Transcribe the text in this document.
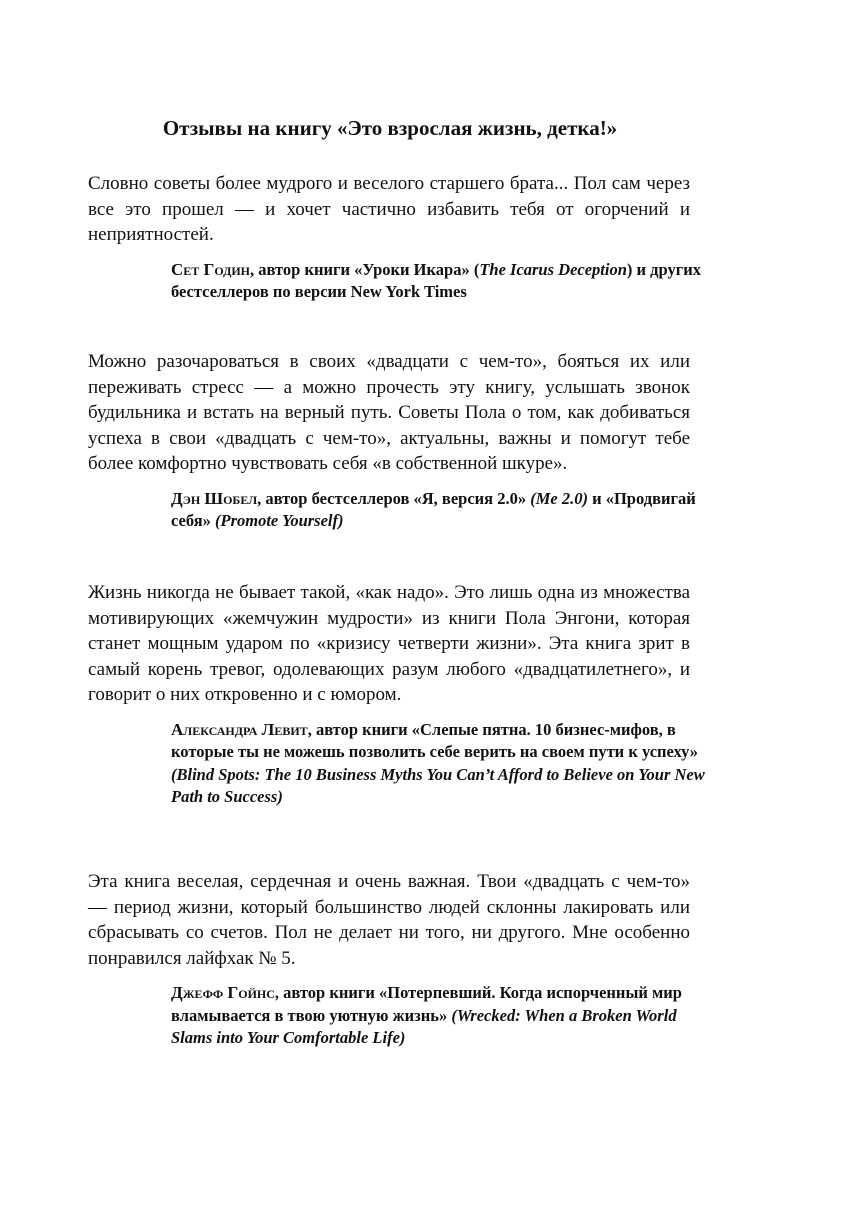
Отзывы на книгу «Это взрослая жизнь, детка!»

Словно советы более мудрого и веселого старшего брата... Пол сам через все это прошел — и хочет частично избавить тебя от огорчений и неприятностей.

Сет Годин, автор книги «Уроки Икара» (The Icarus Deception) и других бестселлеров по версии New York Times

Можно разочароваться в своих «двадцати с чем-то», бояться их или переживать стресс — а можно прочесть эту книгу, услышать звонок будильника и встать на верный путь. Советы Пола о том, как добиваться успеха в свои «двадцать с чем-то», актуальны, важны и помогут тебе более комфортно чувствовать себя «в собственной шкуре».

Дэн Шобел, автор бестселлеров «Я, версия 2.0» (Me 2.0) и «Продвигай себя» (Promote Yourself)

Жизнь никогда не бывает такой, «как надо». Это лишь одна из множества мотивирующих «жемчужин мудрости» из книги Пола Энгони, которая станет мощным ударом по «кризису четверти жизни». Эта книга зрит в самый корень тревог, одолевающих разум любого «двадцатилетнего», и говорит о них откровенно и с юмором.

Александра Левит, автор книги «Слепые пятна. 10 бизнес-мифов, в которые ты не можешь позволить себе верить на своем пути к успеху» (Blind Spots: The 10 Business Myths You Can’t Afford to Believe on Your New Path to Success)

Эта книга веселая, сердечная и очень важная. Твои «двадцать с чем-то» — период жизни, который большинство людей склонны лакировать или сбрасывать со счетов. Пол не делает ни того, ни другого. Мне особенно понравился лайфхак № 5.

Джефф Гойнс, автор книги «Потерпевший. Когда испорченный мир вламывается в твою уютную жизнь» (Wrecked: When a Broken World Slams into Your Comfortable Life)
